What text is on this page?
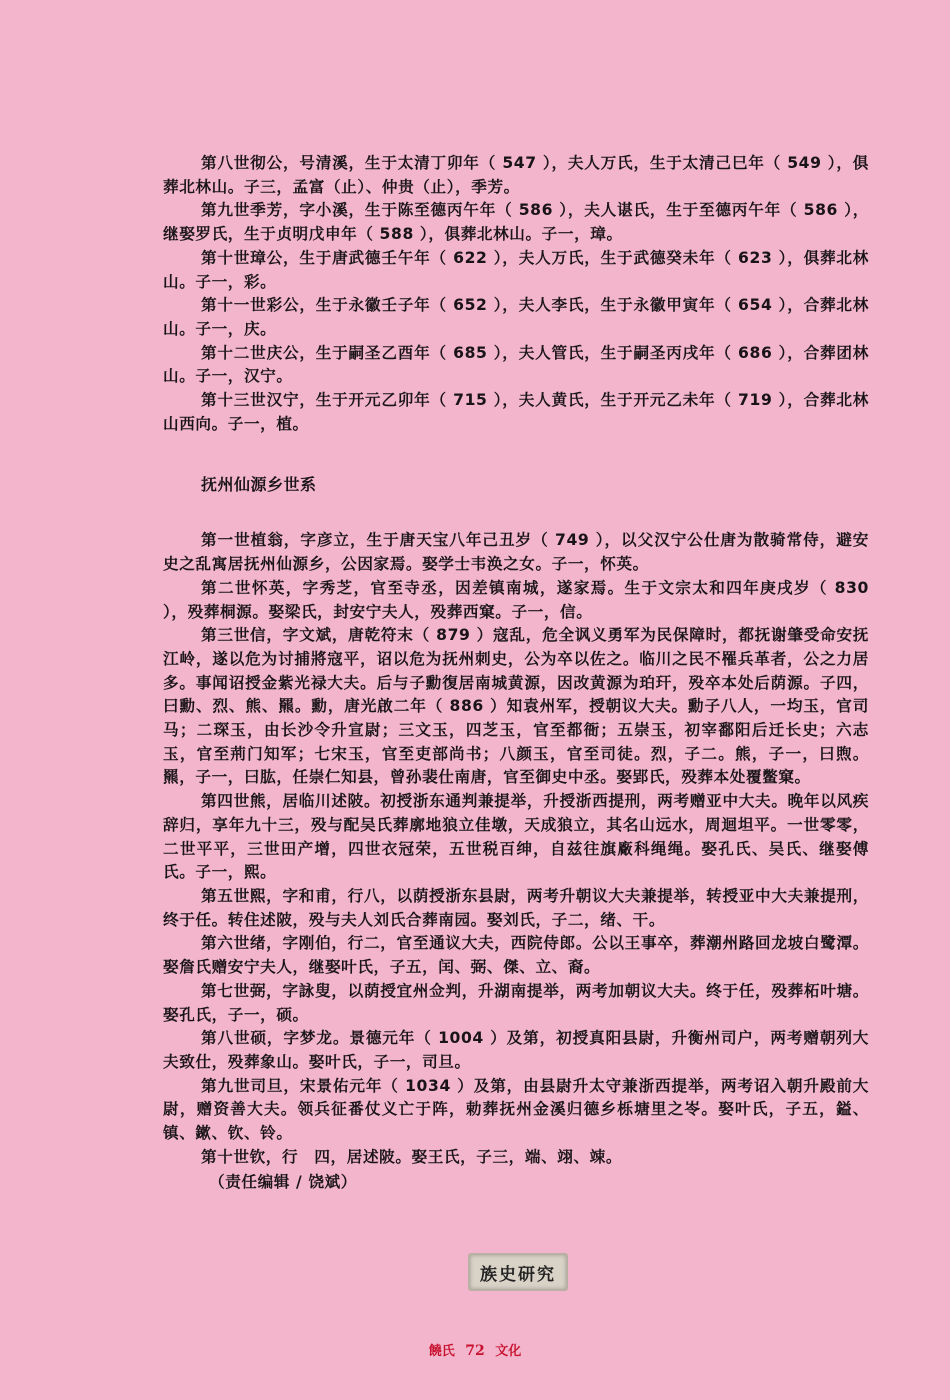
第八世彻公，号清溪，生于太清丁卯年（ 547 ），夫人万氏，生于太清己巳年（ 549 ），俱葬北林山。子三，孟富（止）、仲贵（止），季芳。

第九世季芳，字小溪，生于陈至德丙午年（ 586 ），夫人谌氏，生于至德丙午年（ 586 ），继娶罗氏，生于贞明戊申年（ 588 ），俱葬北林山。子一，璋。

第十世璋公，生于唐武德壬午年（ 622 ），夫人万氏，生于武德癸未年（ 623 ），俱葬北林山。子一，彩。

第十一世彩公，生于永徽壬子年（ 652 ），夫人李氏，生于永徽甲寅年（ 654 ），合葬北林山。子一，庆。

第十二世庆公，生于嗣圣乙酉年（ 685 ），夫人管氏，生于嗣圣丙戌年（ 686 ），合葬团林山。子一，汉宁。

第十三世汉宁，生于开元乙卯年（ 715 ），夫人黄氏，生于开元乙未年（ 719 ），合葬北林山西向。子一，植。

抚州仙源乡世系

第一世植翁，字彦立，生于唐天宝八年己丑岁（ 749 ），以父汉宁公仕唐为散骑常侍，避安史之乱寓居抚州仙源乡，公因家焉。娶学士韦涣之女。子一，怀英。

第二世怀英，字秀芝，官至寺丞，因差镇南城，遂家焉。生于文宗太和四年庚戌岁（ 830 ），殁葬桐源。娶梁氏，封安宁夫人，殁葬西窠。子一，信。

第三世信，字文斌，唐乾符末（ 879 ）寇乱，危全讽义勇军为民保障时，都抚谢肇受命安抚江岭，遂以危为讨捕將寇平，诏以危为抚州刺史，公为卒以佐之。临川之民不罹兵革者，公之力居多。事闻诏授金紫光禄大夫。后与子勳復居南城黄源，因改黄源为珀玕，殁卒本处后荫源。子四，曰勳、烈、熊、羆。勳，唐光啟二年（ 886 ）知袁州军，授朝议大夫。勳子八人，一均玉，官司马；二琛玉，由长沙令升宣尉；三文玉，四芝玉，官至都衙；五崇玉，初宰鄱阳后迁长史；六志玉，官至荊门知军；七宋玉，官至吏部尚书；八颜玉，官至司徒。烈，子二。熊，子一，曰煦。羆，子一，曰肱，任崇仁知县，曾孙裴仕南唐，官至御史中丞。娶郢氏，殁葬本处覆鳖窠。

第四世熊，居临川述陂。初授浙东通判兼提举，升授浙西提刑，两考赠亚中大夫。晚年以风疾辞归，享年九十三，殁与配吴氏葬廓地狼立佳墩，天成狼立，其名山远水，周迴坦平。一世零零，二世平平，三世田产增，四世衣冠荣，五世税百绅，自兹往旗廠科绳绳。娶孔氏、吴氏、继娶傅氏。子一，熙。

第五世熙，字和甫，行八，以荫授浙东县尉，两考升朝议大夫兼提举，转授亚中大夫兼提刑，终于任。转住述陂，殁与夫人刘氏合葬南园。娶刘氏，子二，绪、干。

第六世绪，字刚伯，行二，官至通议大夫，西院侍郎。公以王事卒，葬潮州路回龙坡白鹭潭。娶詹氏赠安宁夫人，继娶叶氏，子五，闰、弼、傑、立、裔。

第七世弼，字詠叟，以荫授宜州佥判，升湖南提举，两考加朝议大夫。终于任，殁葬柘叶塘。娶孔氏，子一，硕。

第八世硕，字梦龙。景德元年（ 1004 ）及第，初授真阳县尉，升衡州司户，两考赠朝列大夫致仕，殁葬象山。娶叶氏，子一，司旦。

第九世司旦，宋景佑元年（ 1034 ）及第，由县尉升太守兼浙西提举，两考诏入朝升殿前大尉，赠资善大夫。领兵征番仗义亡于阵，勅葬抚州金溪归德乡栎塘里之岺。娶叶氏，子五，鎰、镇、鏉、钦、铃。

第十世钦，行　四，居述陂。娶王氏，子三，端、翊、竦。

（责任编辑 / 饶斌）
族史研究
饒氏 72 文化
